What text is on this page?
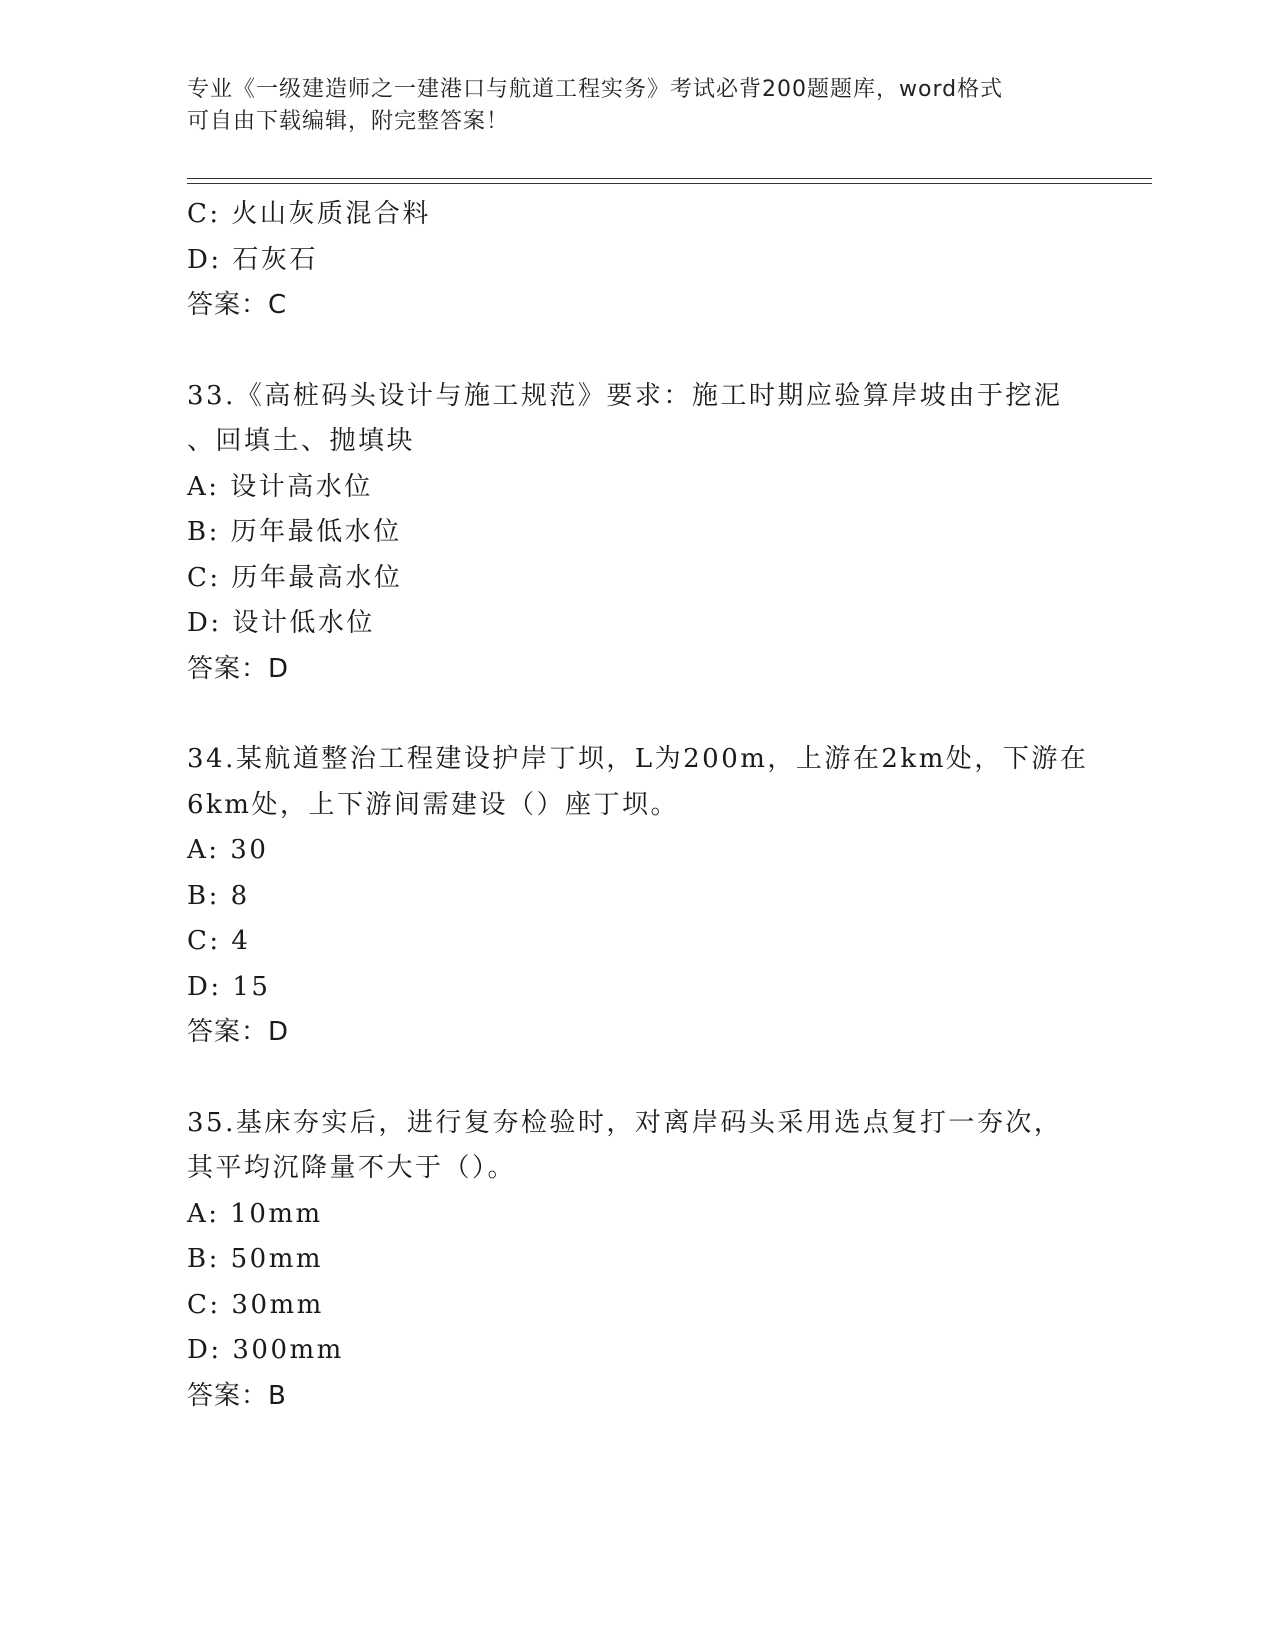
专业《一级建造师之一建港口与航道工程实务》考试必背200题题库，word格式
可自由下载编辑，附完整答案！
C: 火山灰质混合料
D: 石灰石
答案：C
33.《高桩码头设计与施工规范》要求：施工时期应验算岸坡由于挖泥
、回填土、抛填块
A: 设计高水位
B: 历年最低水位
C: 历年最高水位
D: 设计低水位
答案：D
34.某航道整治工程建设护岸丁坝，L为200m，上游在2km处，下游在
6km处，上下游间需建设（）座丁坝。
A: 30
B: 8
C: 4
D: 15
答案：D
35.基床夯实后，进行复夯检验时，对离岸码头采用选点复打一夯次，
其平均沉降量不大于（）。
A: 10mm
B: 50mm
C: 30mm
D: 300mm
答案：B
